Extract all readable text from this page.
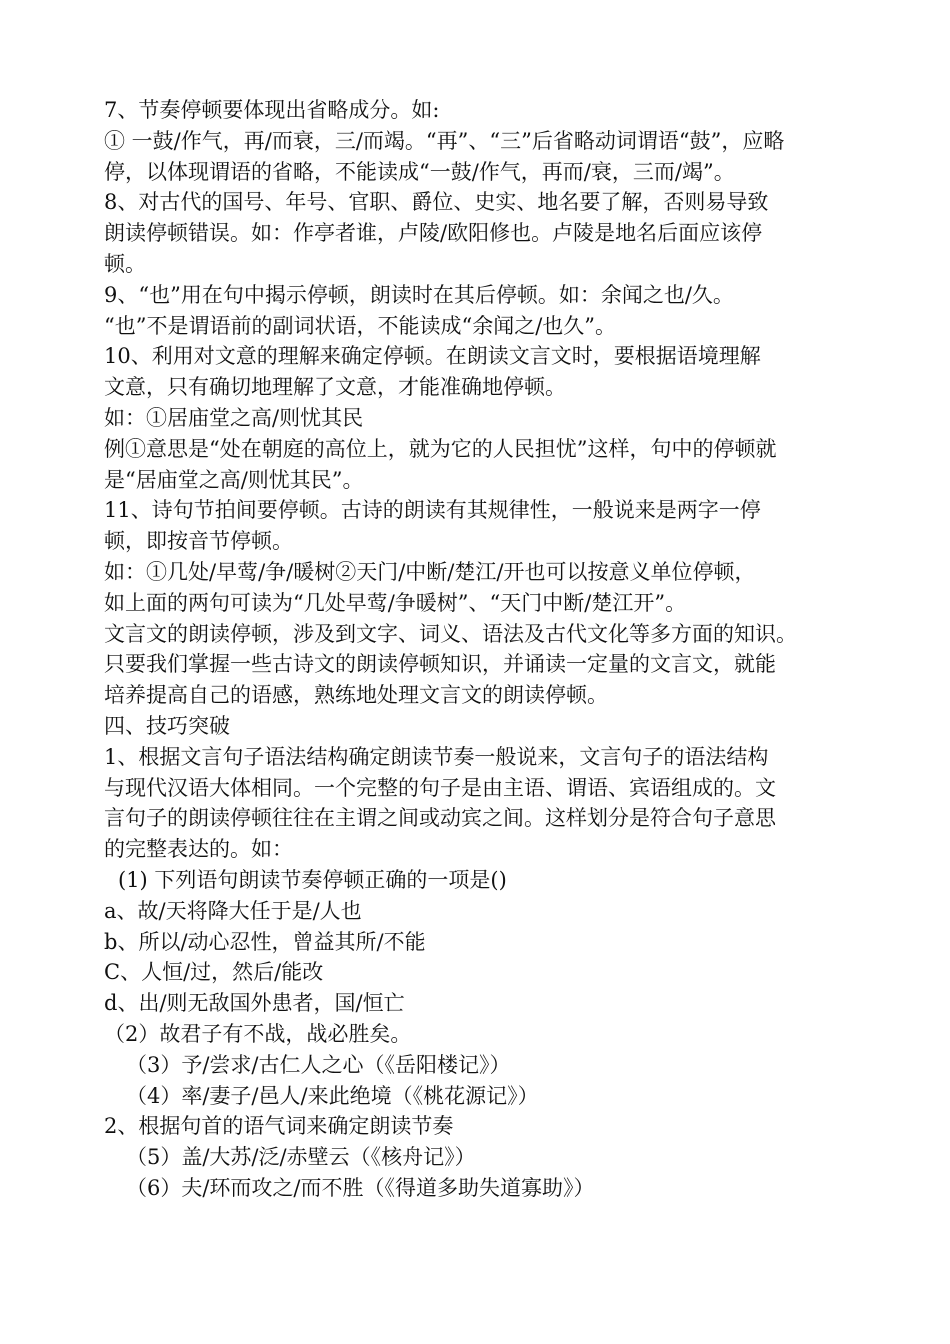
7、节奏停顿要体现出省略成分。如:
① 一鼓/作气，再/而衰，三/而竭。“再”、“三”后省略动词谓语“鼓”，应略
停，以体现谓语的省略，不能读成“一鼓/作气，再而/衰，三而/竭”。
8、对古代的国号、年号、官职、爵位、史实、地名要了解，否则易导致
朗读停顿错误。如：作亭者谁，卢陵/欧阳修也。卢陵是地名后面应该停
顿。
9、“也”用在句中揭示停顿，朗读时在其后停顿。如：余闻之也/久。
“也”不是谓语前的副词状语，不能读成“余闻之/也久”。
10、利用对文意的理解来确定停顿。在朗读文言文时，要根据语境理解
文意，只有确切地理解了文意，才能准确地停顿。
如：①居庙堂之高/则忧其民
例①意思是“处在朝庭的高位上，就为它的人民担忧”这样，句中的停顿就
是“居庙堂之高/则忧其民”。
11、诗句节拍间要停顿。古诗的朗读有其规律性，一般说来是两字一停
顿，即按音节停顿。
如：①几处/早莺/争/暖树②天门/中断/楚江/开也可以按意义单位停顿，
如上面的两句可读为“几处早莺/争暖树”、“天门中断/楚江开”。
文言文的朗读停顿，涉及到文字、词义、语法及古代文化等多方面的知识。
只要我们掌握一些古诗文的朗读停顿知识，并诵读一定量的文言文，就能
培养提高自己的语感，熟练地处理文言文的朗读停顿。
四、技巧突破
1、根据文言句子语法结构确定朗读节奏一般说来，文言句子的语法结构
与现代汉语大体相同。一个完整的句子是由主语、谓语、宾语组成的。文
言句子的朗读停顿往往在主谓之间或动宾之间。这样划分是符合句子意思
的完整表达的。如：
(1) 下列语句朗读节奏停顿正确的一项是()
a、故/天将降大任于是/人也
b、所以/动心忍性，曾益其所/不能
C、人恒/过，然后/能改
d、出/则无敌国外患者，国/恒亡
（2）故君子有不战，战必胜矣。
（3）予/尝求/古仁人之心（《岳阳楼记》）
（4）率/妻子/邑人/来此绝境（《桃花源记》）
2、根据句首的语气词来确定朗读节奏
（5）盖/大苏/泛/赤壁云（《核舟记》）
（6）夫/环而攻之/而不胜（《得道多助失道寡助》）
